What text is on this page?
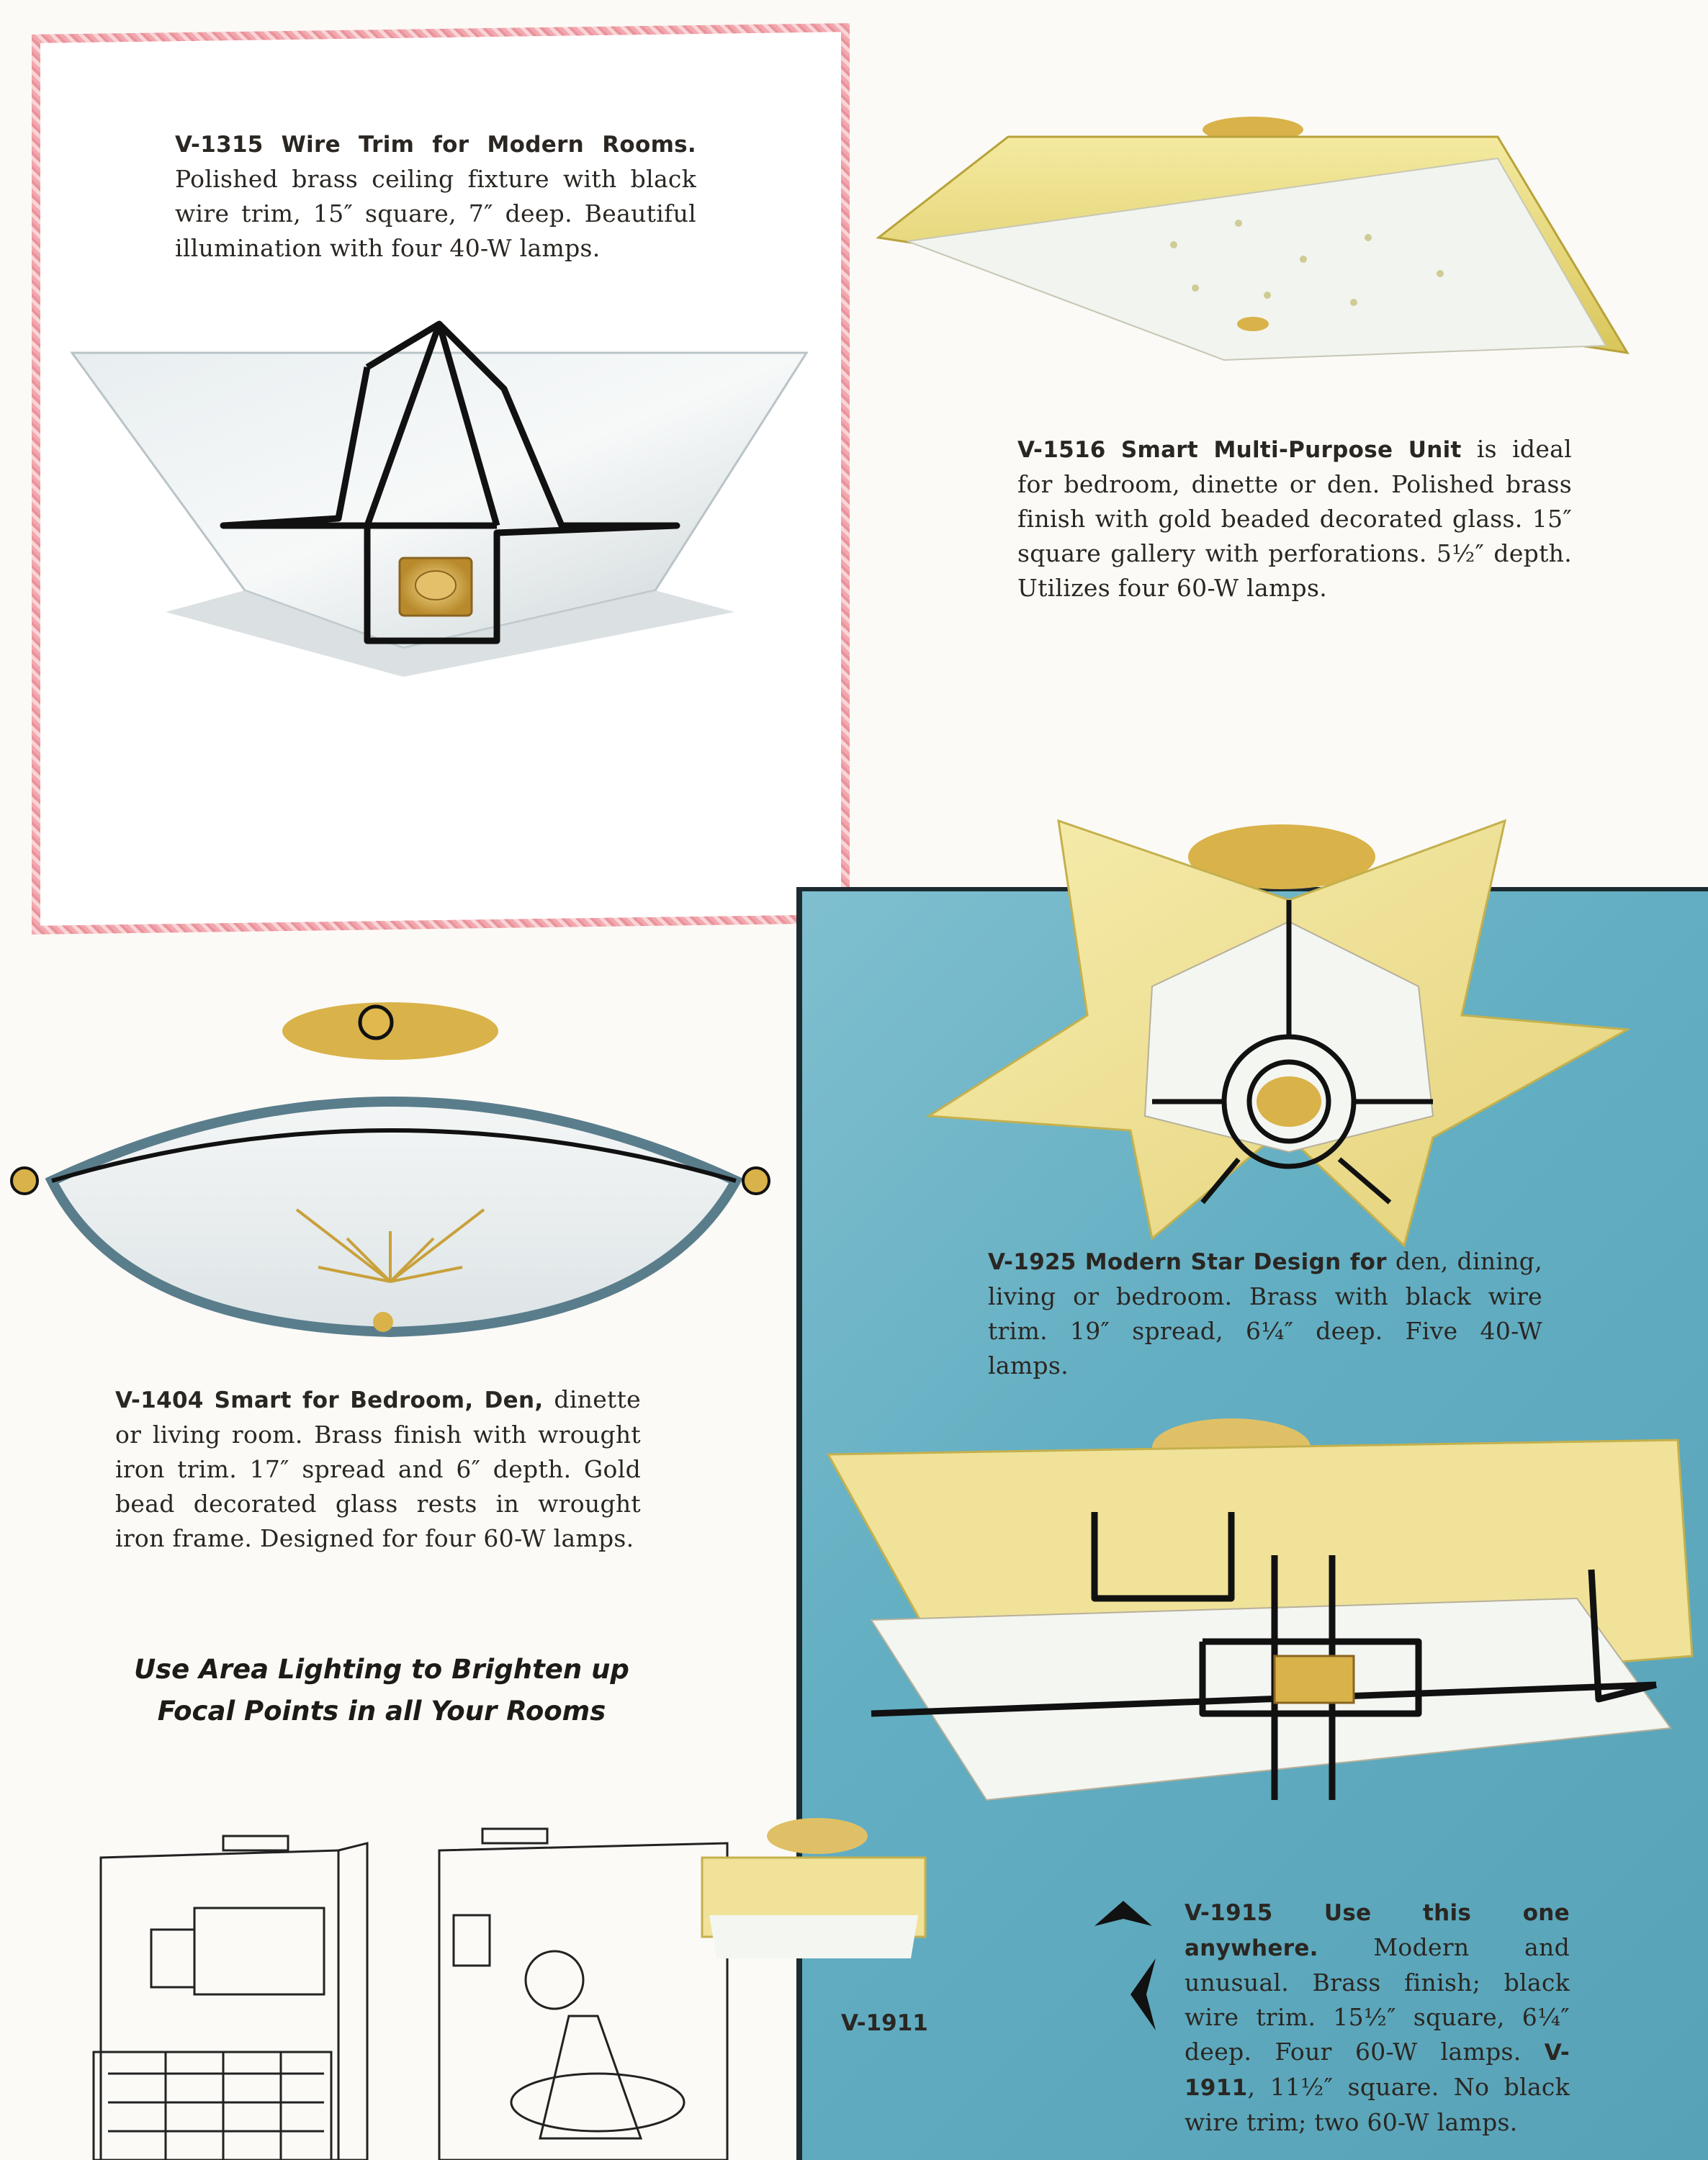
V-1315 Wire Trim for Modern Rooms. Polished brass ceiling fixture with black wire trim, 15″ square, 7″ deep. Beautiful illumination with four 40-W lamps.
V-1516 Smart Multi-Purpose Unit is ideal for bedroom, dinette or den. Polished brass finish with gold beaded decorated glass. 15″ square gallery with perforations. 5½″ depth. Utilizes four 60-W lamps.
V-1404 Smart for Bedroom, Den, dinette or living room. Brass finish with wrought iron trim. 17″ spread and 6″ depth. Gold bead decorated glass rests in wrought iron frame. Designed for four 60-W lamps.
Use Area Lighting to Brighten up
Focal Points in all Your Rooms
V-1925 Modern Star Design for den, dining, living or bedroom. Brass with black wire trim. 19″ spread, 6¼″ deep. Five 40-W lamps.
V-1911
V-1915 Use this one anywhere. Modern and unusual. Brass finish; black wire trim. 15½″ square, 6¼″ deep. Four 60-W lamps. V-1911, 11½″ square. No black wire trim; two 60-W lamps.
